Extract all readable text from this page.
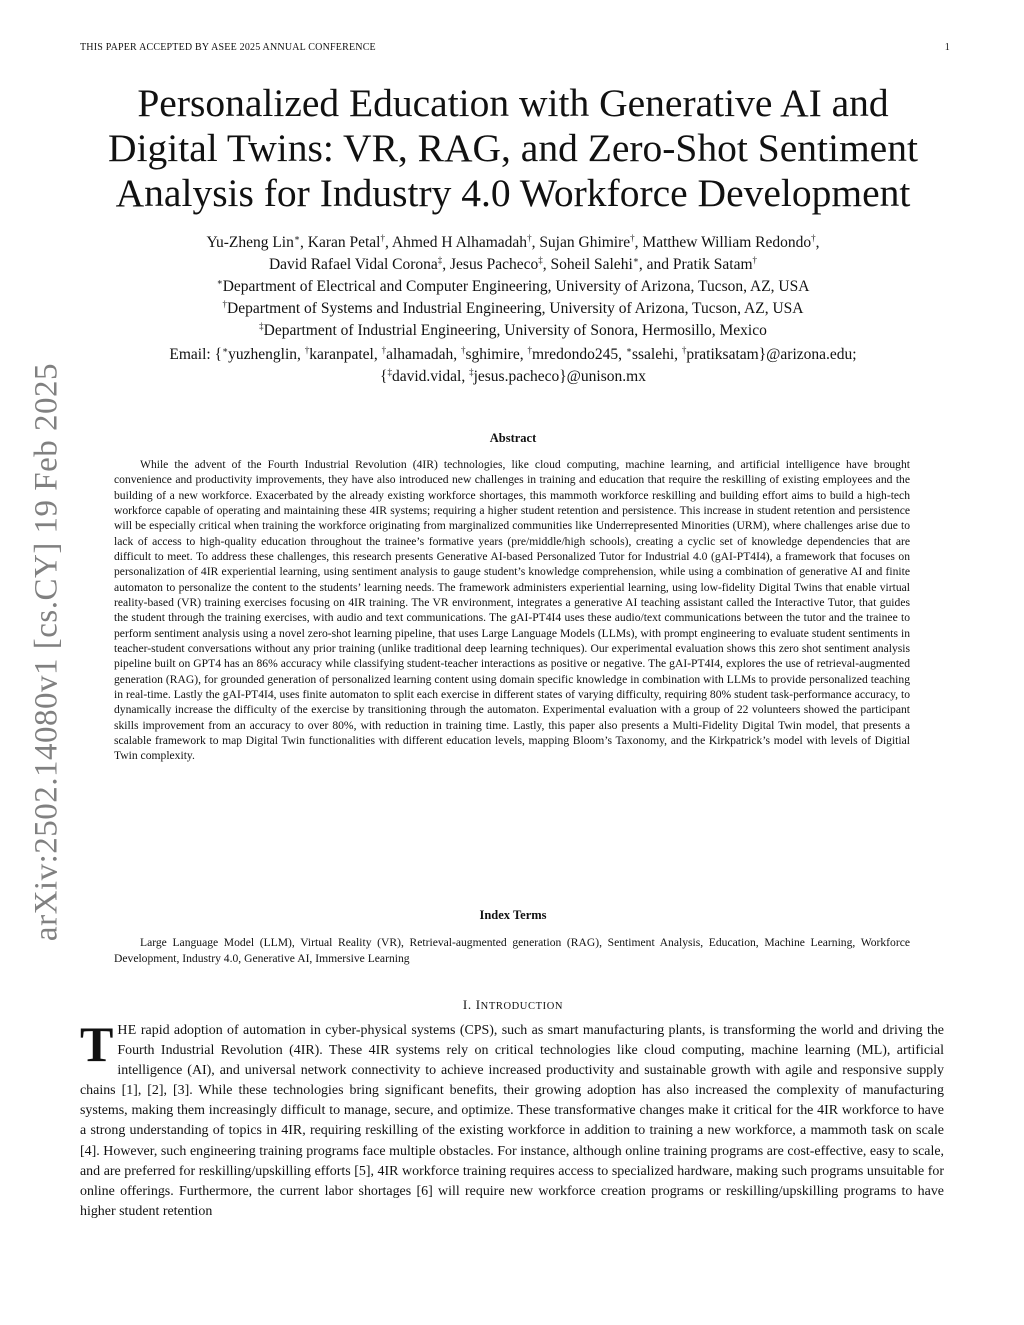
THIS PAPER ACCEPTED BY ASEE 2025 ANNUAL CONFERENCE	1
arXiv:2502.14080v1 [cs.CY] 19 Feb 2025
Personalized Education with Generative AI and
Digital Twins: VR, RAG, and Zero-Shot Sentiment
Analysis for Industry 4.0 Workforce Development
Yu-Zheng Lin∗, Karan Petal†, Ahmed H Alhamadah†, Sujan Ghimire†, Matthew William Redondo†,
David Rafael Vidal Corona‡, Jesus Pacheco‡, Soheil Salehi∗, and Pratik Satam†
∗Department of Electrical and Computer Engineering, University of Arizona, Tucson, AZ, USA
†Department of Systems and Industrial Engineering, University of Arizona, Tucson, AZ, USA
‡Department of Industrial Engineering, University of Sonora, Hermosillo, Mexico
Email: {∗yuzhenglin, †karanpatel, †alhamadah, †sghimire, †mredondo245, ∗ssalehi, †pratiksatam}@arizona.edu;
{‡david.vidal, ‡jesus.pacheco}@unison.mx
Abstract

While the advent of the Fourth Industrial Revolution (4IR) technologies, like cloud computing, machine learning, and artificial intelligence have brought convenience and productivity improvements, they have also introduced new challenges in training and education that require the reskilling of existing employees and the building of a new workforce. Exacerbated by the already existing workforce shortages, this mammoth workforce reskilling and building effort aims to build a high-tech workforce capable of operating and maintaining these 4IR systems; requiring a higher student retention and persistence. This increase in student retention and persistence will be especially critical when training the workforce originating from marginalized communities like Underrepresented Minorities (URM), where challenges arise due to lack of access to high-quality education throughout the trainee’s formative years (pre/middle/high schools), creating a cyclic set of knowledge dependencies that are difficult to meet. To address these challenges, this research presents Generative AI-based Personalized Tutor for Industrial 4.0 (gAI-PT4I4), a framework that focuses on personalization of 4IR experiential learning, using sentiment analysis to gauge student’s knowledge comprehension, while using a combination of generative AI and finite automaton to personalize the content to the students’ learning needs. The framework administers experiential learning, using low-fidelity Digital Twins that enable virtual reality-based (VR) training exercises focusing on 4IR training. The VR environment, integrates a generative AI teaching assistant called the Interactive Tutor, that guides the student through the training exercises, with audio and text communications. The gAI-PT4I4 uses these audio/text communications between the tutor and the trainee to perform sentiment analysis using a novel zero-shot learning pipeline, that uses Large Language Models (LLMs), with prompt engineering to evaluate student sentiments in teacher-student conversations without any prior training (unlike traditional deep learning techniques). Our experimental evaluation shows this zero shot sentiment analysis pipeline built on GPT4 has an 86% accuracy while classifying student-teacher interactions as positive or negative. The gAI-PT4I4, explores the use of retrieval-augmented generation (RAG), for grounded generation of personalized learning content using domain specific knowledge in combination with LLMs to provide personalized teaching in real-time. Lastly the gAI-PT4I4, uses finite automaton to split each exercise in different states of varying difficulty, requiring 80% student task-performance accuracy, to dynamically increase the difficulty of the exercise by transitioning through the automaton. Experimental evaluation with a group of 22 volunteers showed the participant skills improvement from an accuracy to over 80%, with reduction in training time. Lastly, this paper also presents a Multi-Fidelity Digital Twin model, that presents a scalable framework to map Digital Twin functionalities with different education levels, mapping Bloom’s Taxonomy, and the Kirkpatrick’s model with levels of Digitial Twin complexity.

Index Terms

Large Language Model (LLM), Virtual Reality (VR), Retrieval-augmented generation (RAG), Sentiment Analysis, Education, Machine Learning, Workforce Development, Industry 4.0, Generative AI, Immersive Learning

I. INTRODUCTION

THE rapid adoption of automation in cyber-physical systems (CPS), such as smart manufacturing plants, is transforming the world and driving the Fourth Industrial Revolution (4IR). These 4IR systems rely on critical technologies like cloud computing, machine learning (ML), artificial intelligence (AI), and universal network connectivity to achieve increased productivity and sustainable growth with agile and responsive supply chains [1], [2], [3]. While these technologies bring significant benefits, their growing adoption has also increased the complexity of manufacturing systems, making them increasingly difficult to manage, secure, and optimize. These transformative changes make it critical for the 4IR workforce to have a strong understanding of topics in 4IR, requiring reskilling of the existing workforce in addition to training a new workforce, a mammoth task on scale [4]. However, such engineering training programs face multiple obstacles. For instance, although online training programs are cost-effective, easy to scale, and are preferred for reskilling/upskilling efforts [5], 4IR workforce training requires access to specialized hardware, making such programs unsuitable for online offerings. Furthermore, the current labor shortages [6] will require new workforce creation programs or reskilling/upskilling programs to have higher student retention
